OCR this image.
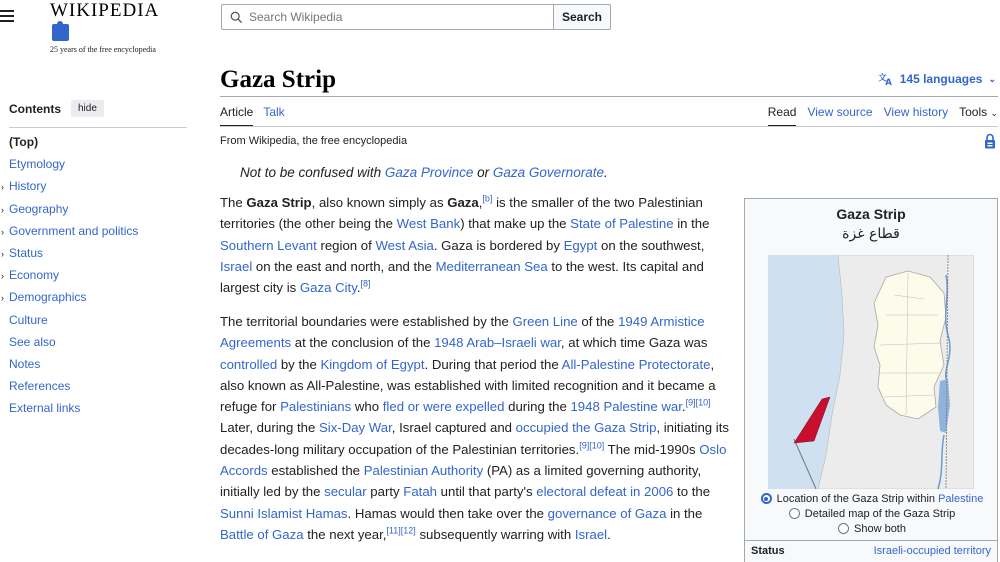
WIKIPEDIA
25 years of the free encyclopedia
Search Wikipedia
Search
Gaza Strip	文
A 145 languages ⌄
Article Talk	Read View source View history Tools ⌄
From Wikipedia, the free encyclopedia
Contents	hide
(Top)
Etymology
› History
› Geography
› Government and politics
› Status
› Economy
› Demographics
Culture
See also
Notes
References
External links
Not to be confused with Gaza Province or Gaza Governorate.

The Gaza Strip, also known simply as Gaza,[b] is the smaller of the two Palestinian territories (the other being the West Bank) that make up the State of Palestine in the Southern Levant region of West Asia. Gaza is bordered by Egypt on the southwest, Israel on the east and north, and the Mediterranean Sea to the west. Its capital and largest city is Gaza City.[8]

The territorial boundaries were established by the Green Line of the 1949 Armistice Agreements at the conclusion of the 1948 Arab–Israeli war, at which time Gaza was controlled by the Kingdom of Egypt. During that period the All-Palestine Protectorate, also known as All-Palestine, was established with limited recognition and it became a refuge for Palestinians who fled or were expelled during the 1948 Palestine war.[9][10] Later, during the Six-Day War, Israel captured and occupied the Gaza Strip, initiating its decades-long military occupation of the Palestinian territories.[9][10] The mid-1990s Oslo Accords established the Palestinian Authority (PA) as a limited governing authority, initially led by the secular party Fatah until that party's electoral defeat in 2006 to the Sunni Islamist Hamas. Hamas would then take over the governance of Gaza in the Battle of Gaza the next year,[11][12] subsequently warring with Israel.

Gaza Strip
قطاع غزة
Location of the Gaza Strip within Palestine
Detailed map of the Gaza Strip
Show both
Status	Israeli-occupied territory
